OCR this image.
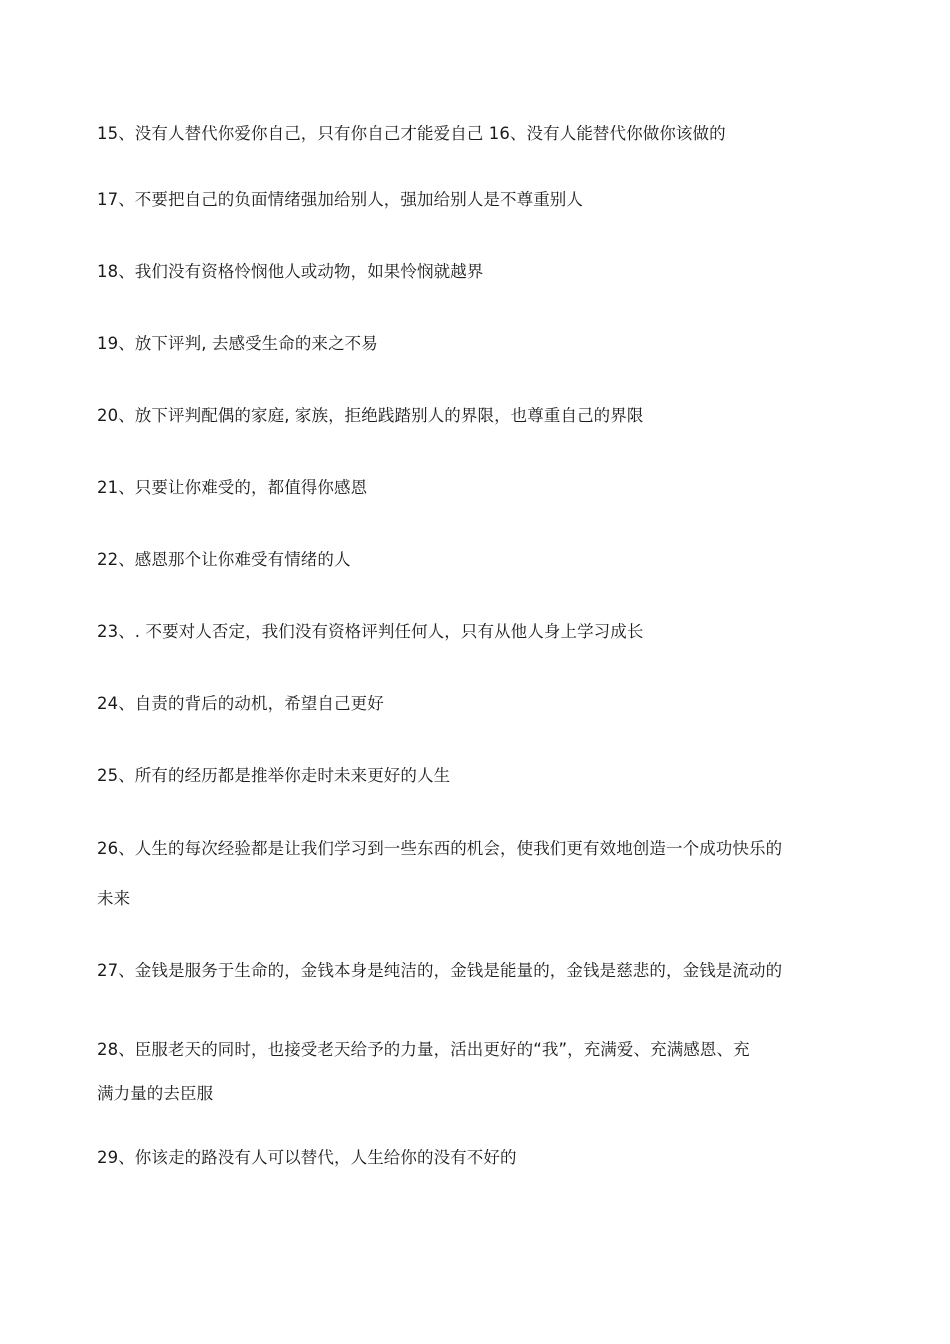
15、没有人替代你爱你自己，只有你自己才能爱自己 16、没有人能替代你做你该做的
17、不要把自己的负面情绪强加给别人，强加给别人是不尊重别人
18、我们没有资格怜悯他人或动物，如果怜悯就越界
19、放下评判, 去感受生命的来之不易
20、放下评判配偶的家庭, 家族，拒绝践踏别人的界限，也尊重自己的界限
21、只要让你难受的，都值得你感恩
22、感恩那个让你难受有情绪的人
23、. 不要对人否定，我们没有资格评判任何人，只有从他人身上学习成长
24、自责的背后的动机，希望自己更好
25、所有的经历都是推举你走时未来更好的人生
26、人生的每次经验都是让我们学习到一些东西的机会，使我们更有效地创造一个成功快乐的
未来
27、金钱是服务于生命的，金钱本身是纯洁的，金钱是能量的，金钱是慈悲的，金钱是流动的
28、臣服老天的同时，也接受老天给予的力量，活出更好的“我”，充满爱、充满感恩、充
满力量的去臣服
29、你该走的路没有人可以替代，人生给你的没有不好的
